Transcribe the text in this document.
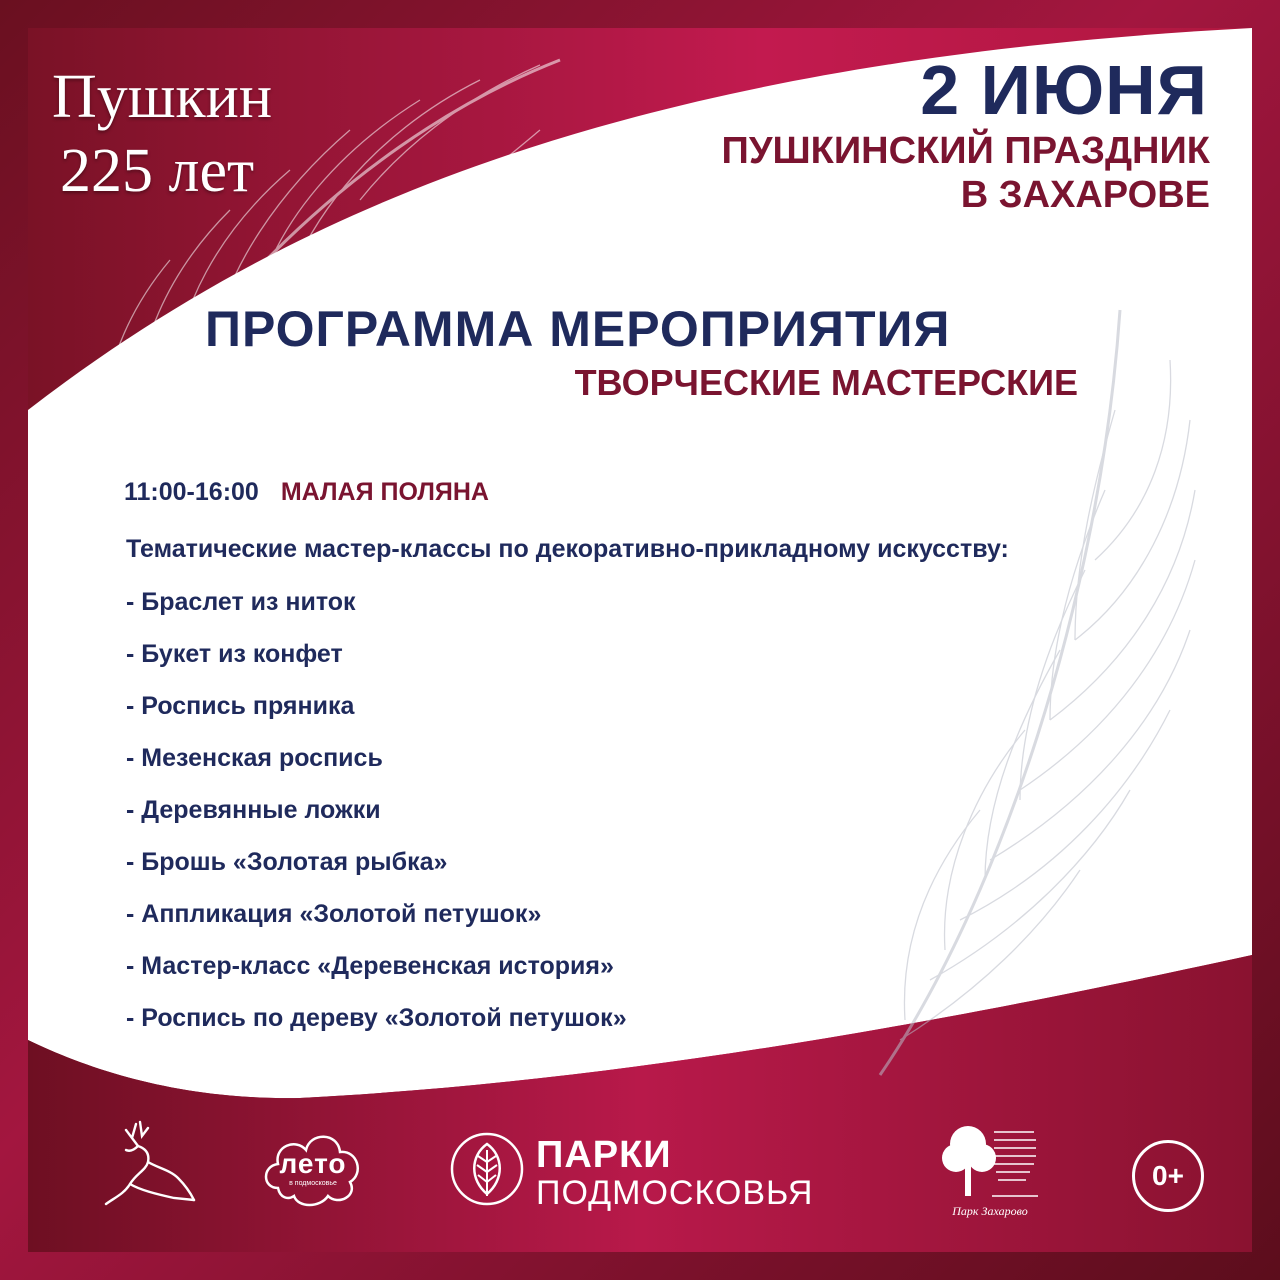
Пушкин
225 лет
2 ИЮНЯ
ПУШКИНСКИЙ ПРАЗДНИК
В ЗАХАРОВЕ
ПРОГРАММА МЕРОПРИЯТИЯ
ТВОРЧЕСКИЕ МАСТЕРСКИЕ
11:00-16:00 МАЛАЯ ПОЛЯНА
Тематические мастер-классы по декоративно-прикладному искусству:
- Браслет из ниток
- Букет из конфет
- Роспись пряника
- Мезенская роспись
- Деревянные ложки
- Брошь «Золотая рыбка»
- Аппликация «Золотой петушок»
- Мастер-класс «Деревенская история»
- Роспись по дереву «Золотой петушок»
лето
в подмосковье
ПАРКИ
ПОДМОСКОВЬЯ	Парк Захарово
0+
